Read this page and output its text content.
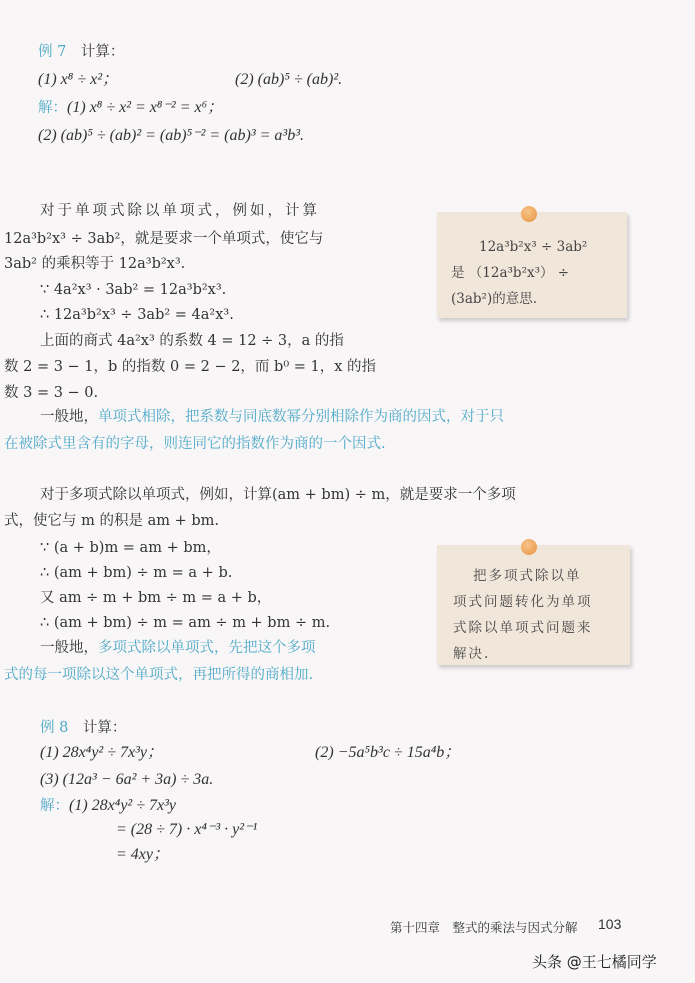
例 7　 计算：
(1) x⁸ ÷ x²；	(2) (ab)⁵ ÷ (ab)².
解：(1) x⁸ ÷ x² = x⁸⁻² = x⁶；
(2) (ab)⁵ ÷ (ab)² = (ab)⁵⁻² = (ab)³ = a³b³.
对于单项式除以单项式，例如，计算
12a³b²x³ ÷ 3ab²，就是要求一个单项式，使它与
3ab² 的乘积等于 12a³b²x³.
∵ 4a²x³ · 3ab² = 12a³b²x³.
∴ 12a³b²x³ ÷ 3ab² = 4a²x³.
上面的商式 4a²x³ 的系数 4 = 12 ÷ 3，a 的指
数 2 = 3 − 1，b 的指数 0 = 2 − 2，而 b⁰ = 1，x 的指
数 3 = 3 − 0.
一般地，单项式相除，把系数与同底数幂分别相除作为商的因式，对于只
在被除式里含有的字母，则连同它的指数作为商的一个因式.
12a³b²x³ ÷ 3ab²
是 （12a³b²x³） ÷
(3ab²)的意思.
对于多项式除以单项式，例如，计算(am + bm) ÷ m，就是要求一个多项
式，使它与 m 的积是 am + bm.
∵ (a + b)m = am + bm，
∴ (am + bm) ÷ m = a + b.
又 am ÷ m + bm ÷ m = a + b，
∴ (am + bm) ÷ m = am ÷ m + bm ÷ m.
一般地，多项式除以单项式，先把这个多项
式的每一项除以这个单项式，再把所得的商相加.
把多项式除以单
项式问题转化为单项
式除以单项式问题来
解决.
例 8　 计算：
(1) 28x⁴y² ÷ 7x³y；	(2) −5a⁵b³c ÷ 15a⁴b；
(3) (12a³ − 6a² + 3a) ÷ 3a.
解：(1) 28x⁴y² ÷ 7x³y
= (28 ÷ 7) · x⁴⁻³ · y²⁻¹
= 4xy；
第十四章　整式的乘法与因式分解 103
头条 @王七橘同学
